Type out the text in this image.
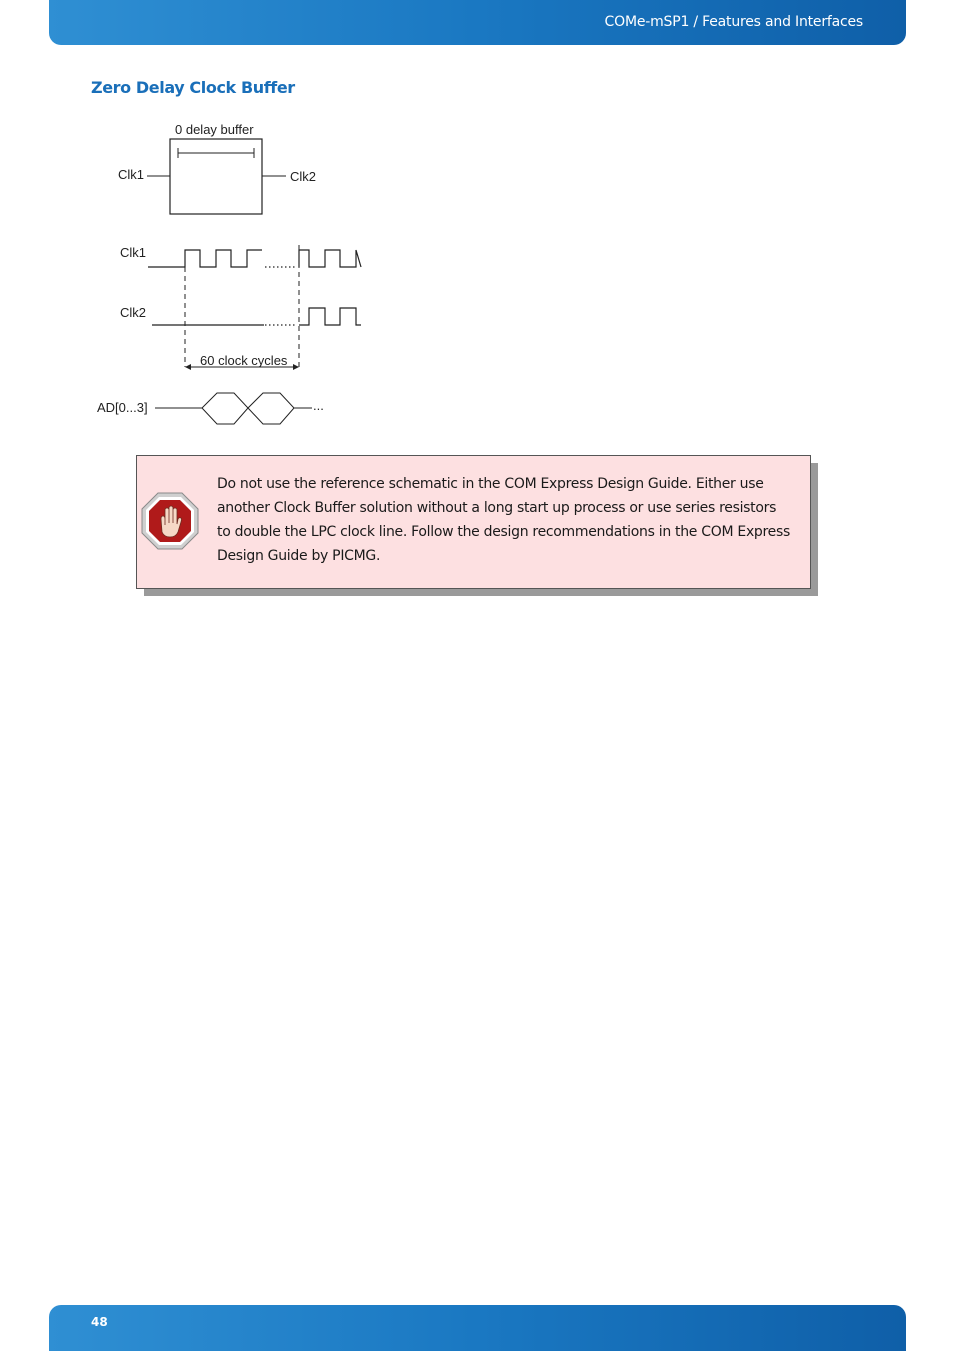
COMe-mSP1 / Features and Interfaces
Zero Delay Clock Buffer
0 delay buffer
Clk1	Clk2
Clk1
Clk2
60 clock cycles
AD[0...3]	...
Do not use the reference schematic in the COM Express Design Guide. Either use another Clock Buffer solution without a long start up process or use series resistors to double the LPC clock line. Follow the design recommendations in the COM Express Design Guide by PICMG.
48
